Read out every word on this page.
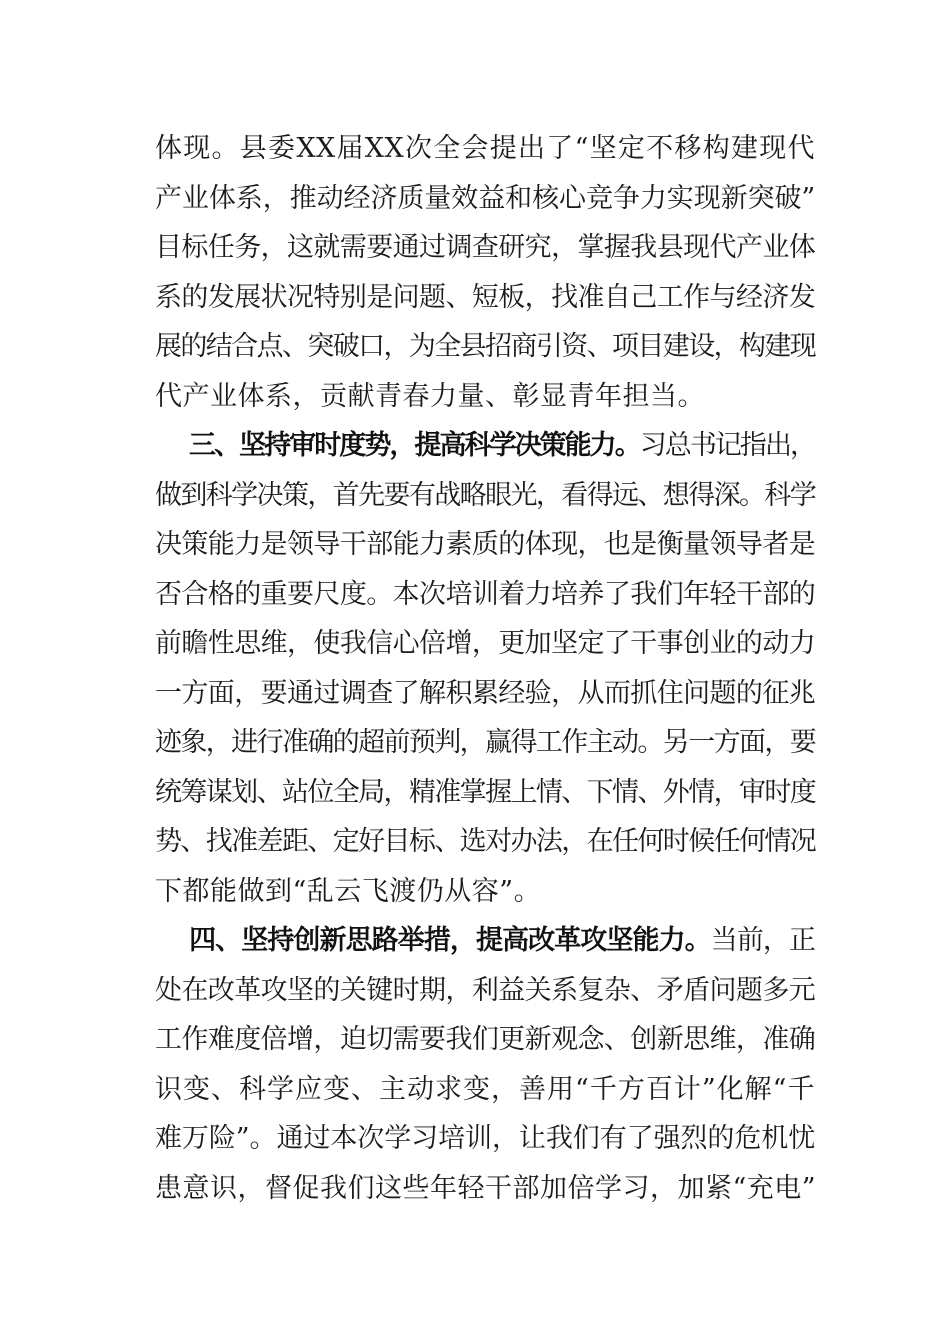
体现。县委XX届XX次全会提出了“坚定不移构建现代
产业体系，推动经济质量效益和核心竞争力实现新突破”
目标任务，这就需要通过调查研究，掌握我县现代产业体
系的发展状况特别是问题、短板，找准自己工作与经济发
展的结合点、突破口，为全县招商引资、项目建设，构建现
代产业体系，贡献青春力量、彰显青年担当。
三、坚持审时度势，提高科学决策能力。习总书记指出，
做到科学决策，首先要有战略眼光，看得远、想得深。科学
决策能力是领导干部能力素质的体现，也是衡量领导者是
否合格的重要尺度。本次培训着力培养了我们年轻干部的
前瞻性思维，使我信心倍增，更加坚定了干事创业的动力
一方面，要通过调查了解积累经验，从而抓住问题的征兆
迹象，进行准确的超前预判，赢得工作主动。另一方面，要
统筹谋划、站位全局，精准掌握上情、下情、外情，审时度
势、找准差距、定好目标、选对办法，在任何时候任何情况
下都能做到“乱云飞渡仍从容”。
四、坚持创新思路举措，提高改革攻坚能力。当前，正
处在改革攻坚的关键时期，利益关系复杂、矛盾问题多元
工作难度倍增，迫切需要我们更新观念、创新思维，准确
识变、科学应变、主动求变，善用“千方百计”化解“千
难万险”。通过本次学习培训，让我们有了强烈的危机忧
患意识，督促我们这些年轻干部加倍学习，加紧“充电”
